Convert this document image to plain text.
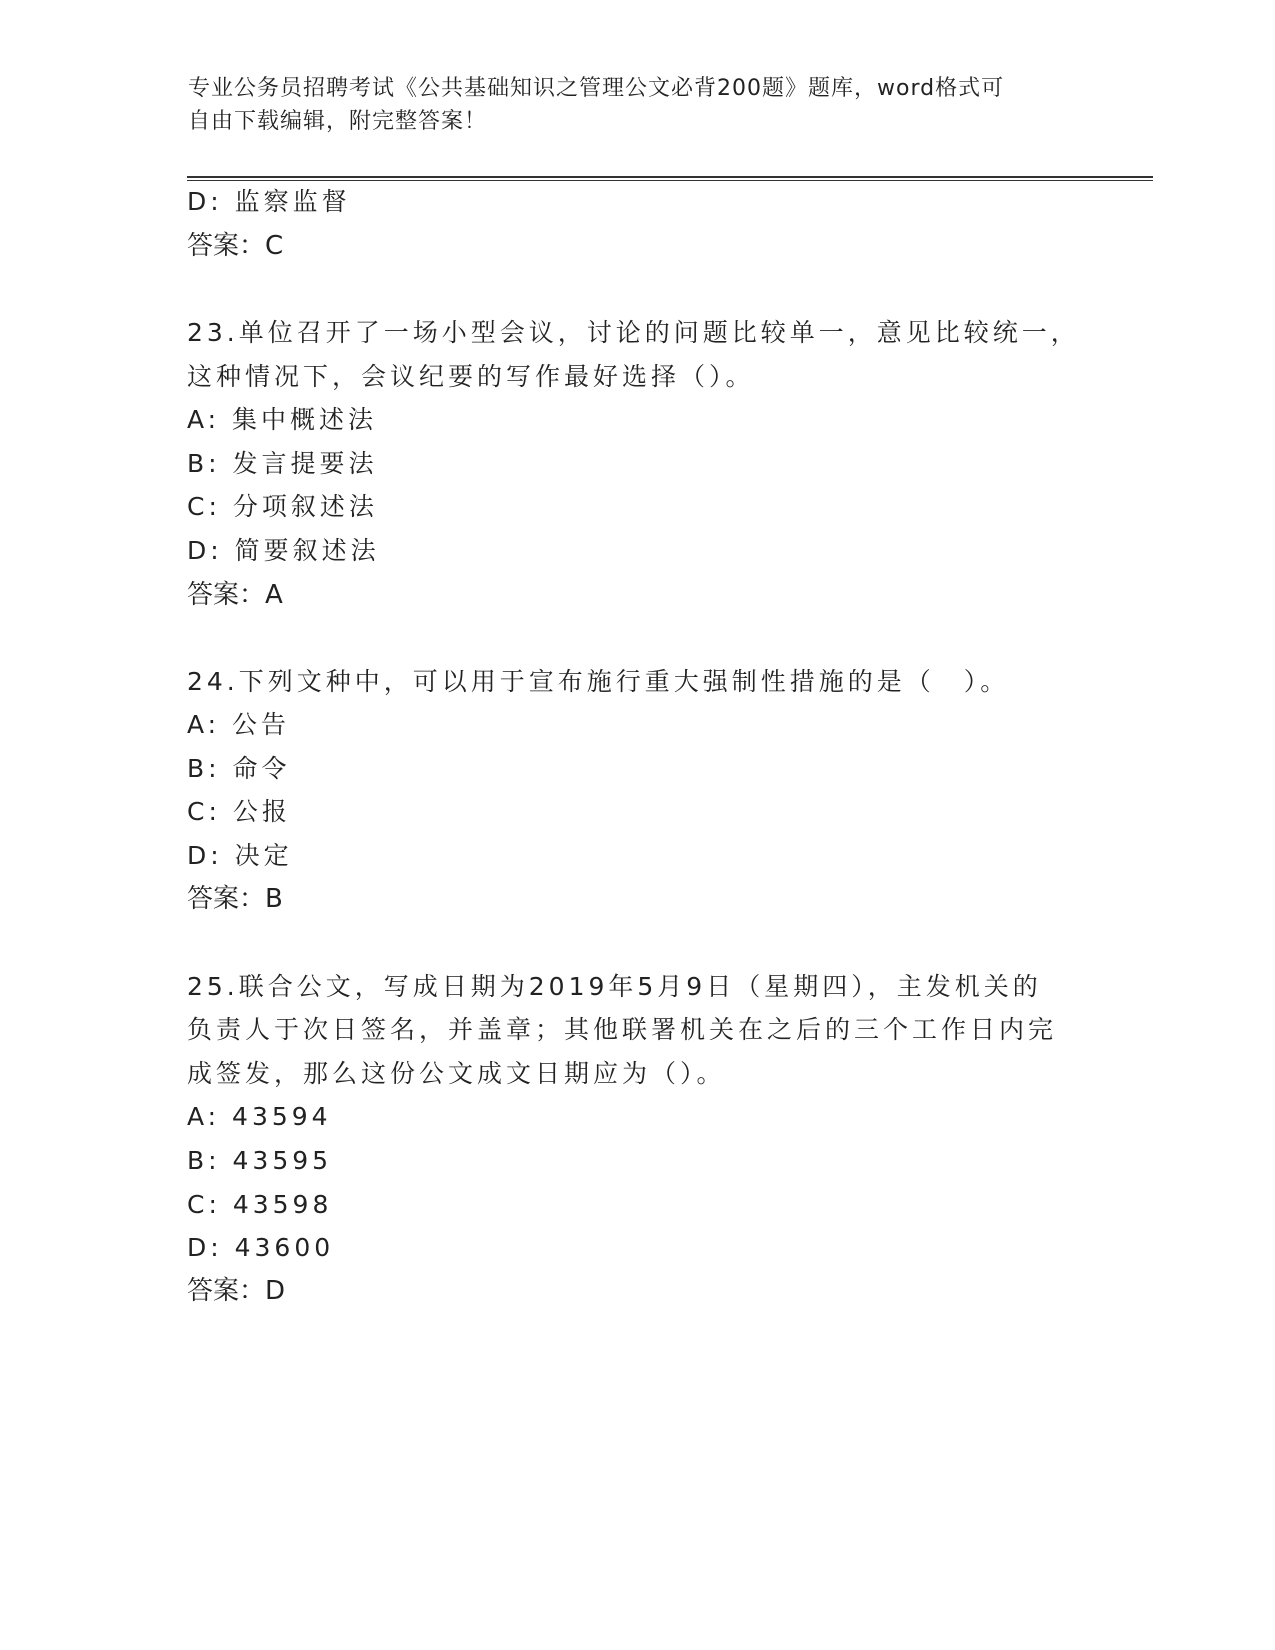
专业公务员招聘考试《公共基础知识之管理公文必背200题》题库，word格式可
自由下载编辑，附完整答案！
D: 监察监督
答案：C
23.单位召开了一场小型会议，讨论的问题比较单一，意见比较统一，
这种情况下，会议纪要的写作最好选择（）。
A: 集中概述法
B: 发言提要法
C: 分项叙述法
D: 简要叙述法
答案：A
24.下列文种中，可以用于宣布施行重大强制性措施的是（　）。
A: 公告
B: 命令
C: 公报
D: 决定
答案：B
25.联合公文，写成日期为2019年5月9日（星期四），主发机关的
负责人于次日签名，并盖章；其他联署机关在之后的三个工作日内完
成签发，那么这份公文成文日期应为（）。
A: 43594
B: 43595
C: 43598
D: 43600
答案：D
